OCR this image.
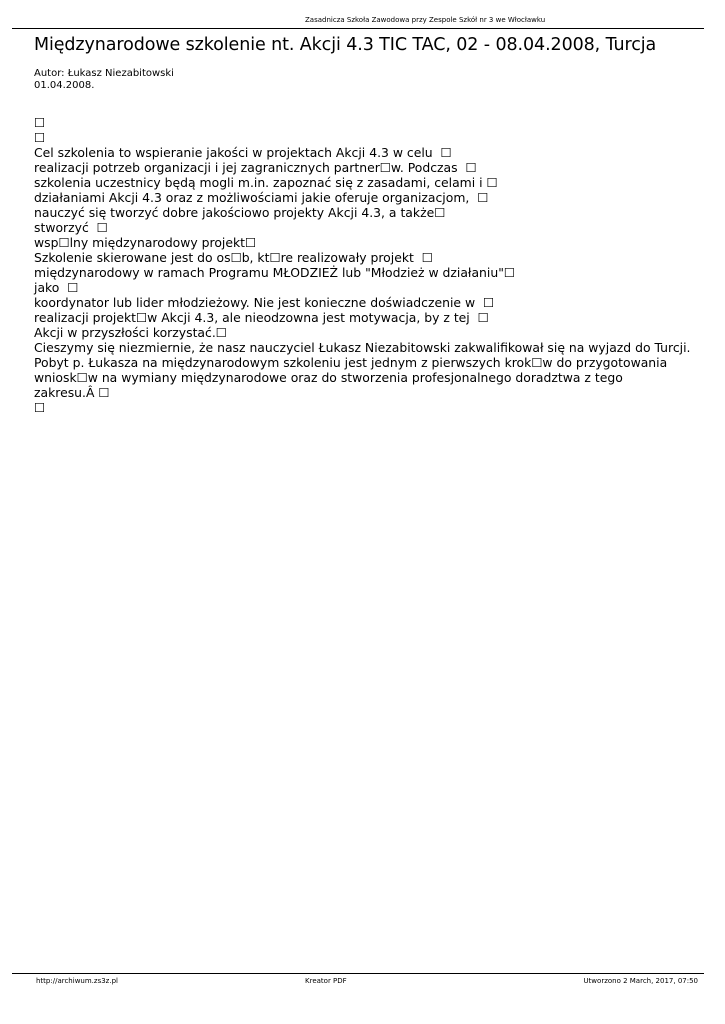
Zasadnicza Szkoła Zawodowa przy Zespole Szkół nr 3 we Włocławku
Międzynarodowe szkolenie nt. Akcji 4.3 TIC TAC, 02 - 08.04.2008, Turcja
Autor: Łukasz Niezabitowski
01.04.2008.
☐
☐
Cel szkolenia to wspieranie jakości w projektach Akcji 4.3 w celu  ☐
realizacji potrzeb organizacji i jej zagranicznych partner☐w. Podczas  ☐
szkolenia uczestnicy będą mogli m.in. zapoznać się z zasadami, celami i ☐
działaniami Akcji 4.3 oraz z możliwościami jakie oferuje organizacjom,  ☐
nauczyć się tworzyć dobre jakościowo projekty Akcji 4.3, a także☐
stworzyć  ☐
wsp☐lny międzynarodowy projekt☐
Szkolenie skierowane jest do os☐b, kt☐re realizowały projekt  ☐
międzynarodowy w ramach Programu MŁODZIEŻ lub "Młodzież w działaniu"☐
jako  ☐
koordynator lub lider młodzieżowy. Nie jest konieczne doświadczenie w  ☐
realizacji projekt☐w Akcji 4.3, ale nieodzowna jest motywacja, by z tej  ☐
Akcji w przyszłości korzystać.☐
Cieszymy się niezmiernie, że nasz nauczyciel Łukasz Niezabitowski zakwalifikował się na wyjazd do Turcji.
Pobyt p. Łukasza na międzynarodowym szkoleniu jest jednym z pierwszych krok☐w do przygotowania
wniosk☐w na wymiany międzynarodowe oraz do stworzenia profesjonalnego doradztwa z tego
zakresu.Â ☐
☐
http://archiwum.zs3z.pl	Kreator PDF	Utworzono 2 March, 2017, 07:50
